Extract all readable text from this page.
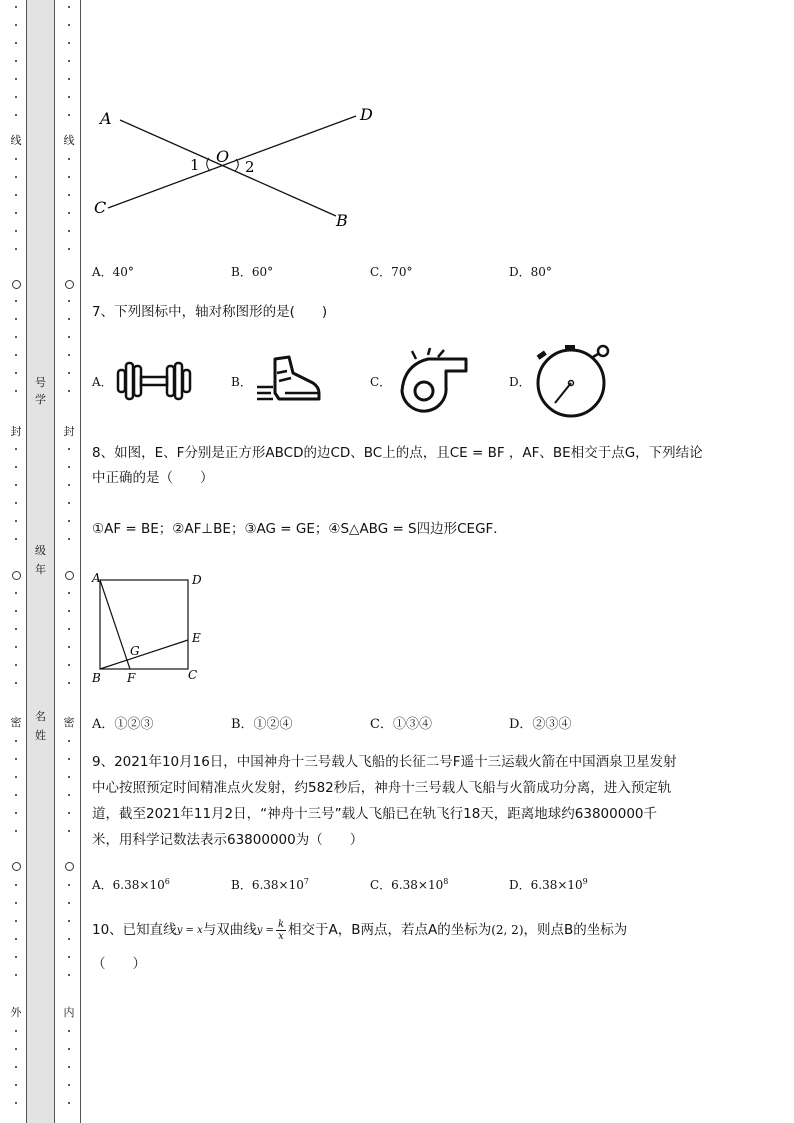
线
封
密
外
号
学
级
年
名
姓
线
封
密
内
A	D
O
1	2
C
B
A．40°	B．60°	C．70°	D．80°
7、下列图标中，轴对称图形的是(　　)
A．	B．	C．	D．
8、如图，E、F分别是正方形ABCD的边CD、BC上的点，且CE = BF ，AF、BE相交于点G，下列结论
中正确的是（　　）
①AF = BE；②AF⊥BE；③AG = GE；④S△ABG = S四边形CEGF．
A	D
E
G
B F	C
A．①②③	B．①②④	C．①③④	D．②③④
9、2021年10月16日，中国神舟十三号载人飞船的长征二号F遥十三运载火箭在中国酒泉卫星发射
中心按照预定时间精准点火发射，约582秒后，神舟十三号载人飞船与火箭成功分离，进入预定轨
道，截至2021年11月2日，“神舟十三号”载人飞船已在轨飞行18天，距离地球约63800000千
米，用科学记数法表示63800000为（　　）
A．$6.38\times 10^6$	B．$6.38\times 10^7$	C．$6.38\times 10^8$	D．$6.38\times 10^9$
10、已知直线 y = x 与双曲线 $y = \frac{k}{x}$ 相交于A，B两点，若点A的坐标为 (2, 2) ，则点B的坐标为
（　　）
